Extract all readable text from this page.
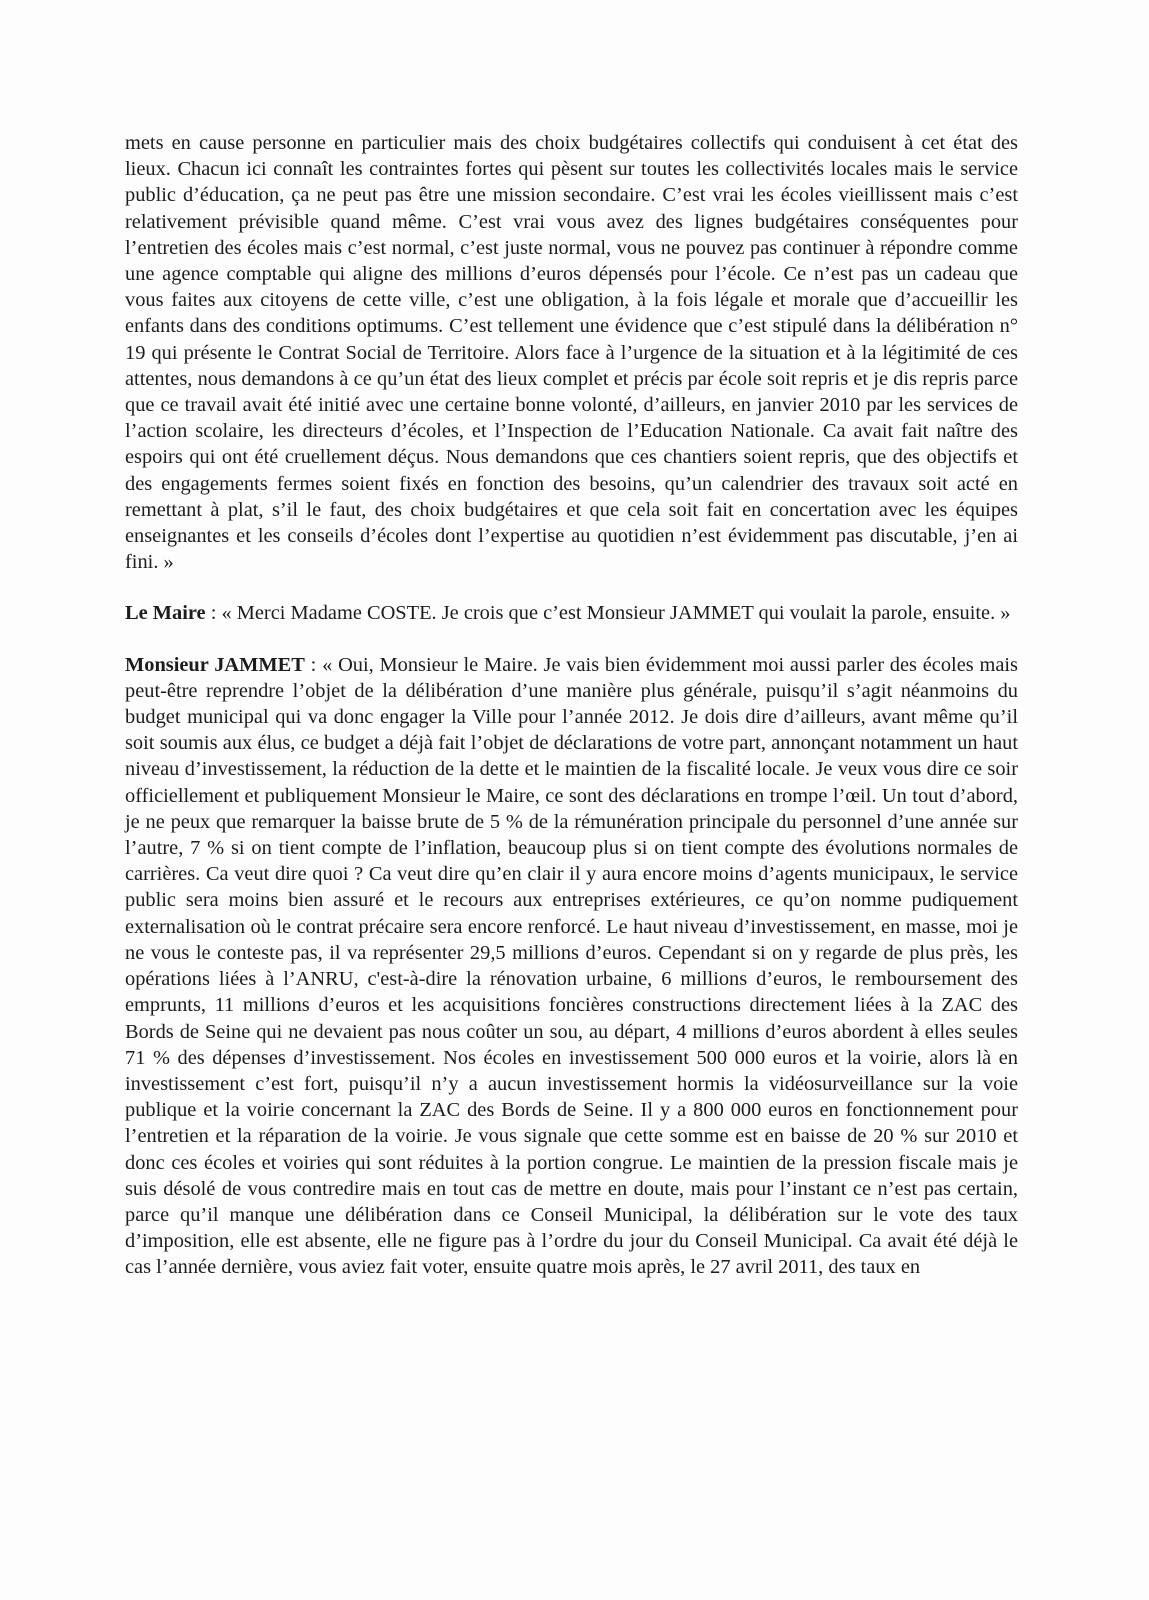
mets en cause personne en particulier mais des choix budgétaires collectifs qui conduisent à cet état des lieux. Chacun ici connaît les contraintes fortes qui pèsent sur toutes les collectivités locales mais le service public d’éducation, ça ne peut pas être une mission secondaire. C’est vrai les écoles vieillissent mais c’est relativement prévisible quand même. C’est vrai vous avez des lignes budgétaires conséquentes pour l’entretien des écoles mais c’est normal, c’est juste normal, vous ne pouvez pas continuer à répondre comme une agence comptable qui aligne des millions d’euros dépensés pour l’école. Ce n’est pas un cadeau que vous faites aux citoyens de cette ville, c’est une obligation, à la fois légale et morale que d’accueillir les enfants dans des conditions optimums. C’est tellement une évidence que c’est stipulé dans la délibération n° 19 qui présente le Contrat Social de Territoire. Alors face à l’urgence de la situation et à la légitimité de ces attentes, nous demandons à ce qu’un état des lieux complet et précis par école soit repris et je dis repris parce que ce travail avait été initié avec une certaine bonne volonté, d’ailleurs, en janvier 2010 par les services de l’action scolaire, les directeurs d’écoles, et l’Inspection de l’Education Nationale. Ca avait fait naître des espoirs qui ont été cruellement déçus. Nous demandons que ces chantiers soient repris, que des objectifs et des engagements fermes soient fixés en fonction des besoins, qu’un calendrier des travaux soit acté en remettant à plat, s’il le faut, des choix budgétaires et que cela soit fait en concertation avec les équipes enseignantes et les conseils d’écoles dont l’expertise au quotidien n’est évidemment pas discutable, j’en ai fini. »

Le Maire : « Merci Madame COSTE. Je crois que c’est Monsieur JAMMET qui voulait la parole, ensuite. »

Monsieur JAMMET : « Oui, Monsieur le Maire. Je vais bien évidemment moi aussi parler des écoles mais peut-être reprendre l’objet de la délibération d’une manière plus générale, puisqu’il s’agit néanmoins du budget municipal qui va donc engager la Ville pour l’année 2012. Je dois dire d’ailleurs, avant même qu’il soit soumis aux élus, ce budget a déjà fait l’objet de déclarations de votre part, annonçant notamment un haut niveau d’investissement, la réduction de la dette et le maintien de la fiscalité locale. Je veux vous dire ce soir officiellement et publiquement Monsieur le Maire, ce sont des déclarations en trompe l’œil. Un tout d’abord, je ne peux que remarquer la baisse brute de 5 % de la rémunération principale du personnel d’une année sur l’autre, 7 % si on tient compte de l’inflation, beaucoup plus si on tient compte des évolutions normales de carrières. Ca veut dire quoi ? Ca veut dire qu’en clair il y aura encore moins d’agents municipaux, le service public sera moins bien assuré et le recours aux entreprises extérieures, ce qu’on nomme pudiquement externalisation où le contrat précaire sera encore renforcé. Le haut niveau d’investissement, en masse, moi je ne vous le conteste pas, il va représenter 29,5 millions d’euros. Cependant si on y regarde de plus près, les opérations liées à l’ANRU, c'est-à-dire la rénovation urbaine, 6 millions d’euros, le remboursement des emprunts, 11 millions d’euros et les acquisitions foncières constructions directement liées à la ZAC des Bords de Seine qui ne devaient pas nous coûter un sou, au départ, 4 millions d’euros abordent à elles seules 71 % des dépenses d’investissement. Nos écoles en investissement 500 000 euros et la voirie, alors là en investissement c’est fort, puisqu’il n’y a aucun investissement hormis la vidéosurveillance sur la voie publique et la voirie concernant la ZAC des Bords de Seine. Il y a 800 000 euros en fonctionnement pour l’entretien et la réparation de la voirie. Je vous signale que cette somme est en baisse de 20 % sur 2010 et donc ces écoles et voiries qui sont réduites à la portion congrue. Le maintien de la pression fiscale mais je suis désolé de vous contredire mais en tout cas de mettre en doute, mais pour l’instant ce n’est pas certain, parce qu’il manque une délibération dans ce Conseil Municipal, la délibération sur le vote des taux d’imposition, elle est absente, elle ne figure pas à l’ordre du jour du Conseil Municipal. Ca avait été déjà le cas l’année dernière, vous aviez fait voter, ensuite quatre mois après, le 27 avril 2011, des taux en
